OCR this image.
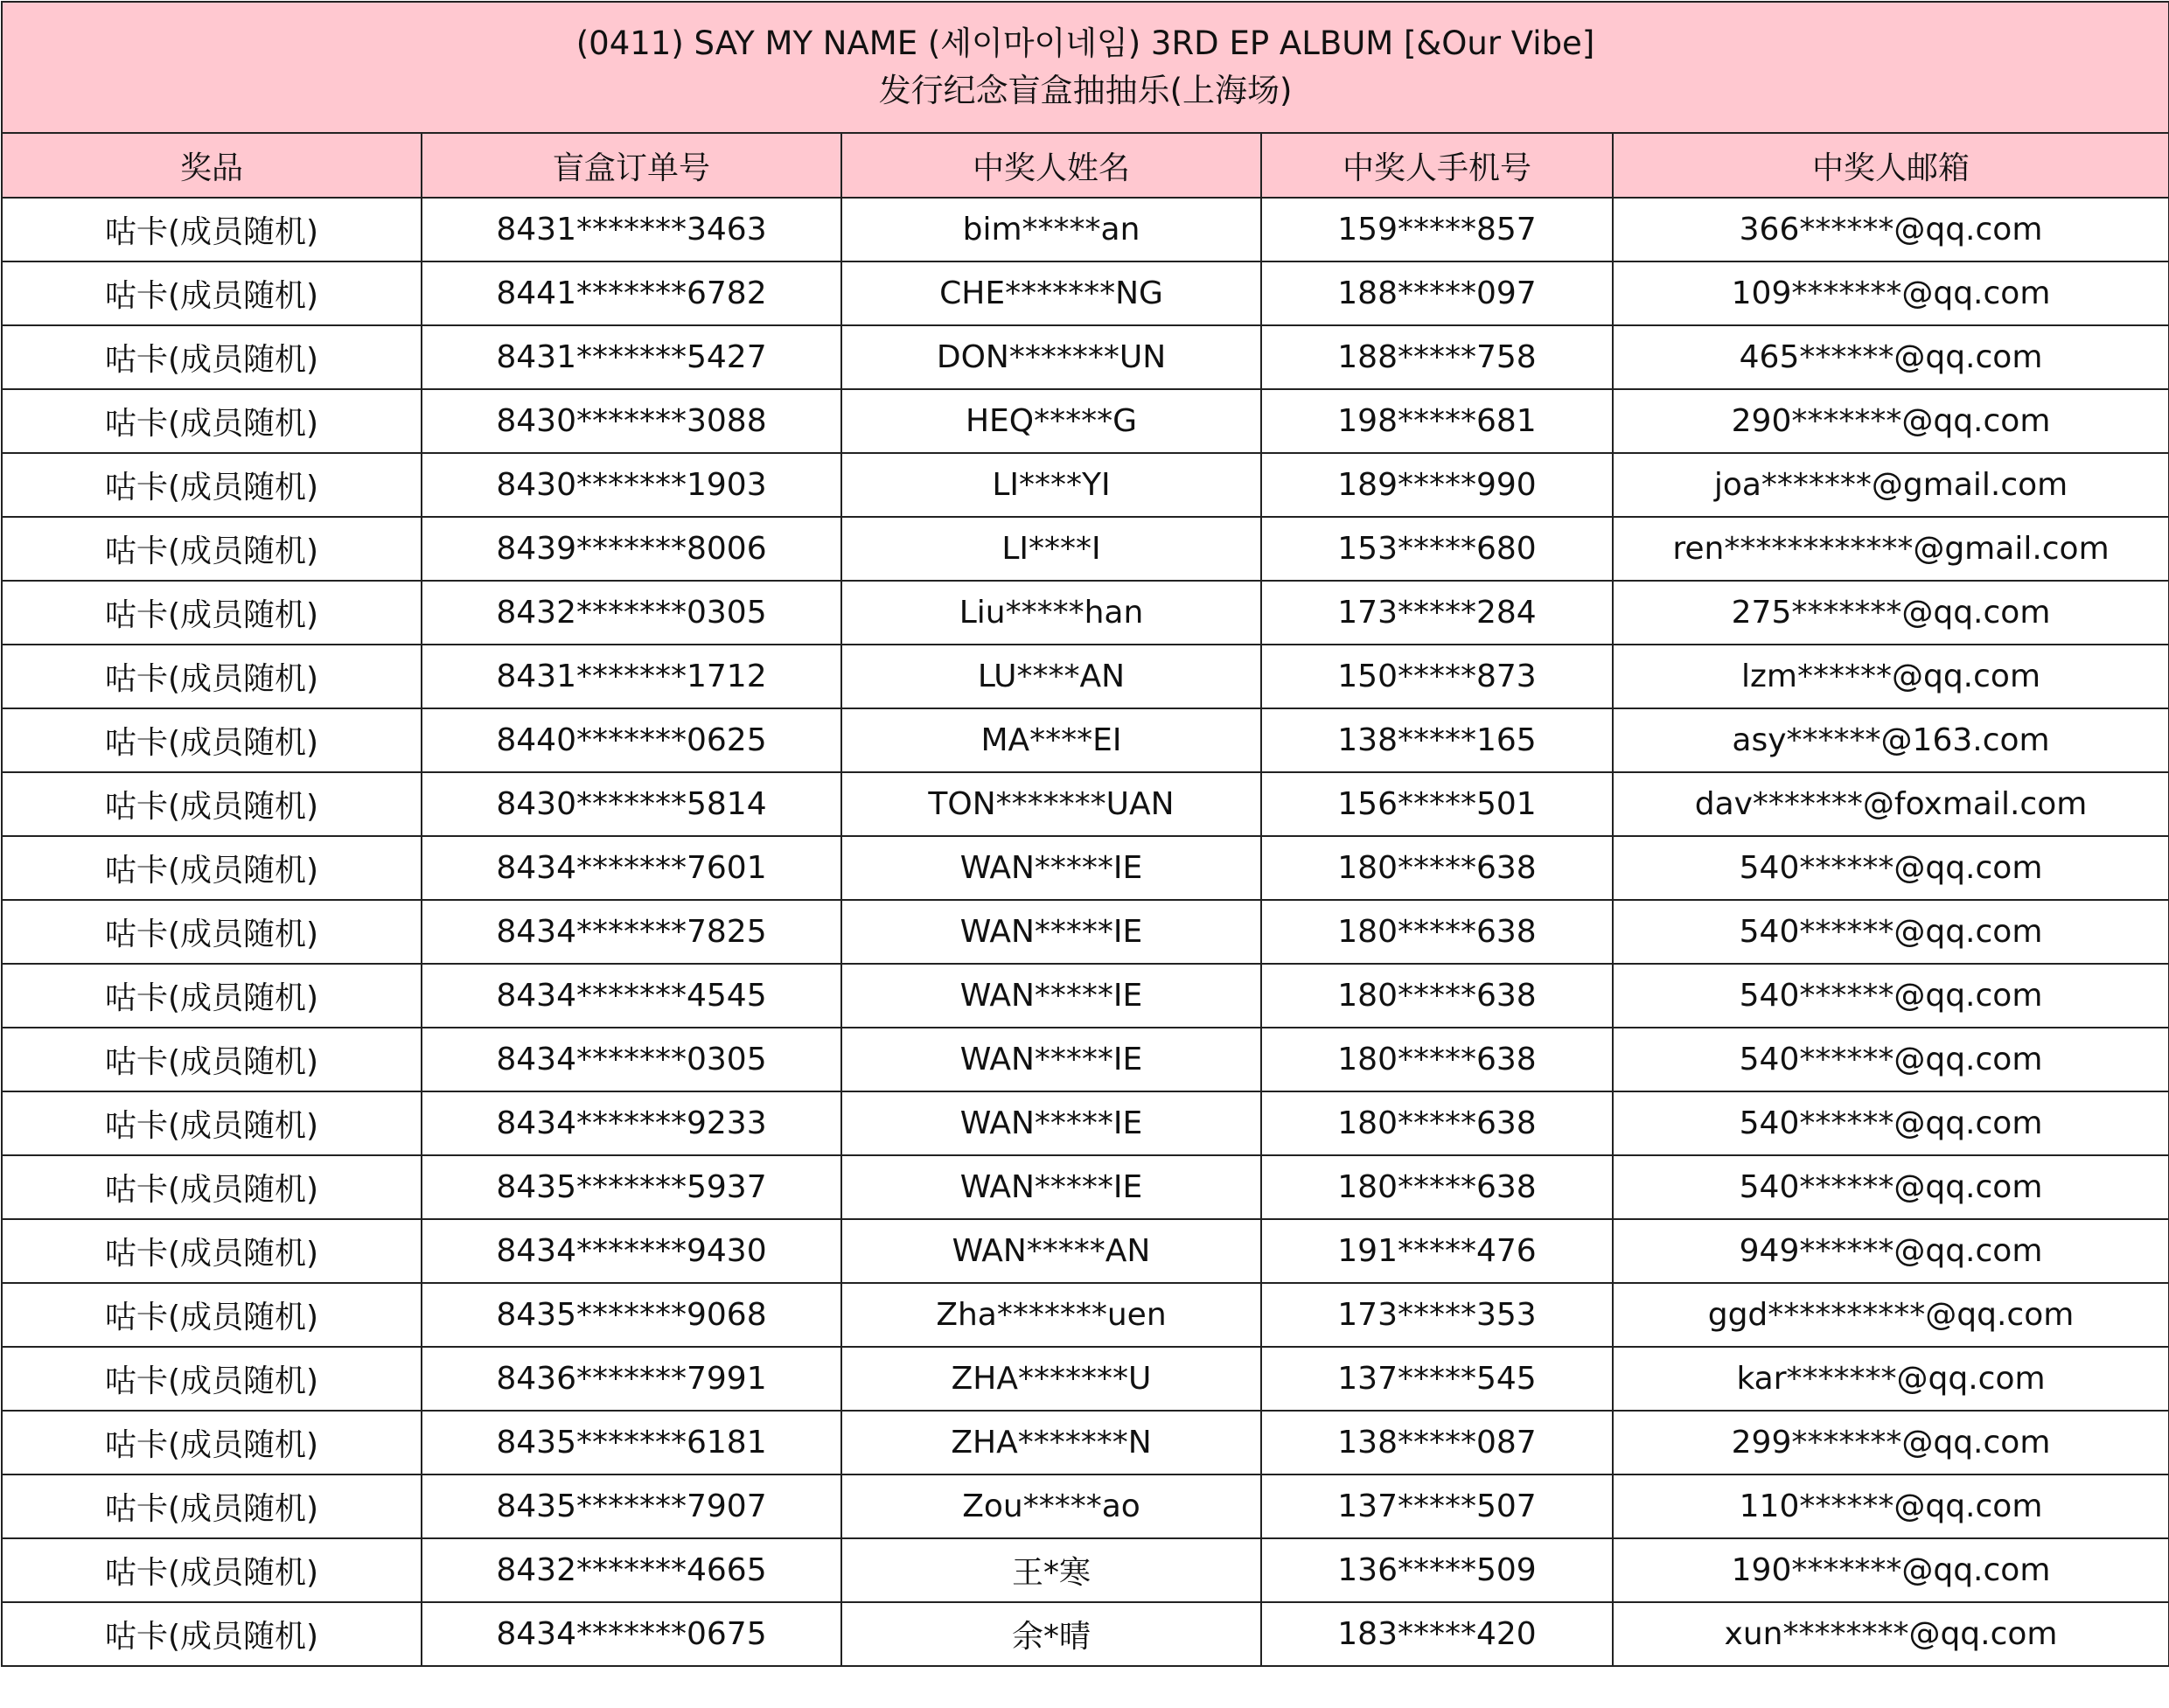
(0411) SAY MY NAME (세이마이네임) 3RD EP ALBUM [&Our Vibe]
发行纪念盲盒抽抽乐(上海场)				

奖品	盲盒订单号	中奖人姓名	中奖人手机号	中奖人邮箱
咕卡(成员随机)	8431*******3463	bim*****an	159*****857	366******@qq.com
咕卡(成员随机)	8441*******6782	CHE*******NG	188*****097	109*******@qq.com
咕卡(成员随机)	8431*******5427	DON*******UN	188*****758	465******@qq.com
咕卡(成员随机)	8430*******3088	HEQ*****G	198*****681	290*******@qq.com
咕卡(成员随机)	8430*******1903	LI****YI	189*****990	joa*******@gmail.com
咕卡(成员随机)	8439*******8006	LI****I	153*****680	ren************@gmail.com
咕卡(成员随机)	8432*******0305	Liu*****han	173*****284	275*******@qq.com
咕卡(成员随机)	8431*******1712	LU****AN	150*****873	lzm******@qq.com
咕卡(成员随机)	8440*******0625	MA****EI	138*****165	asy******@163.com
咕卡(成员随机)	8430*******5814	TON*******UAN	156*****501	dav*******@foxmail.com
咕卡(成员随机)	8434*******7601	WAN*****IE	180*****638	540******@qq.com
咕卡(成员随机)	8434*******7825	WAN*****IE	180*****638	540******@qq.com
咕卡(成员随机)	8434*******4545	WAN*****IE	180*****638	540******@qq.com
咕卡(成员随机)	8434*******0305	WAN*****IE	180*****638	540******@qq.com
咕卡(成员随机)	8434*******9233	WAN*****IE	180*****638	540******@qq.com
咕卡(成员随机)	8435*******5937	WAN*****IE	180*****638	540******@qq.com
咕卡(成员随机)	8434*******9430	WAN*****AN	191*****476	949******@qq.com
咕卡(成员随机)	8435*******9068	Zha*******uen	173*****353	ggd**********@qq.com
咕卡(成员随机)	8436*******7991	ZHA*******U	137*****545	kar*******@qq.com
咕卡(成员随机)	8435*******6181	ZHA*******N	138*****087	299*******@qq.com
咕卡(成员随机)	8435*******7907	Zou*****ao	137*****507	110******@qq.com
咕卡(成员随机)	8432*******4665	王*寒	136*****509	190*******@qq.com
咕卡(成员随机)	8434*******0675	余*晴	183*****420	xun********@qq.com
